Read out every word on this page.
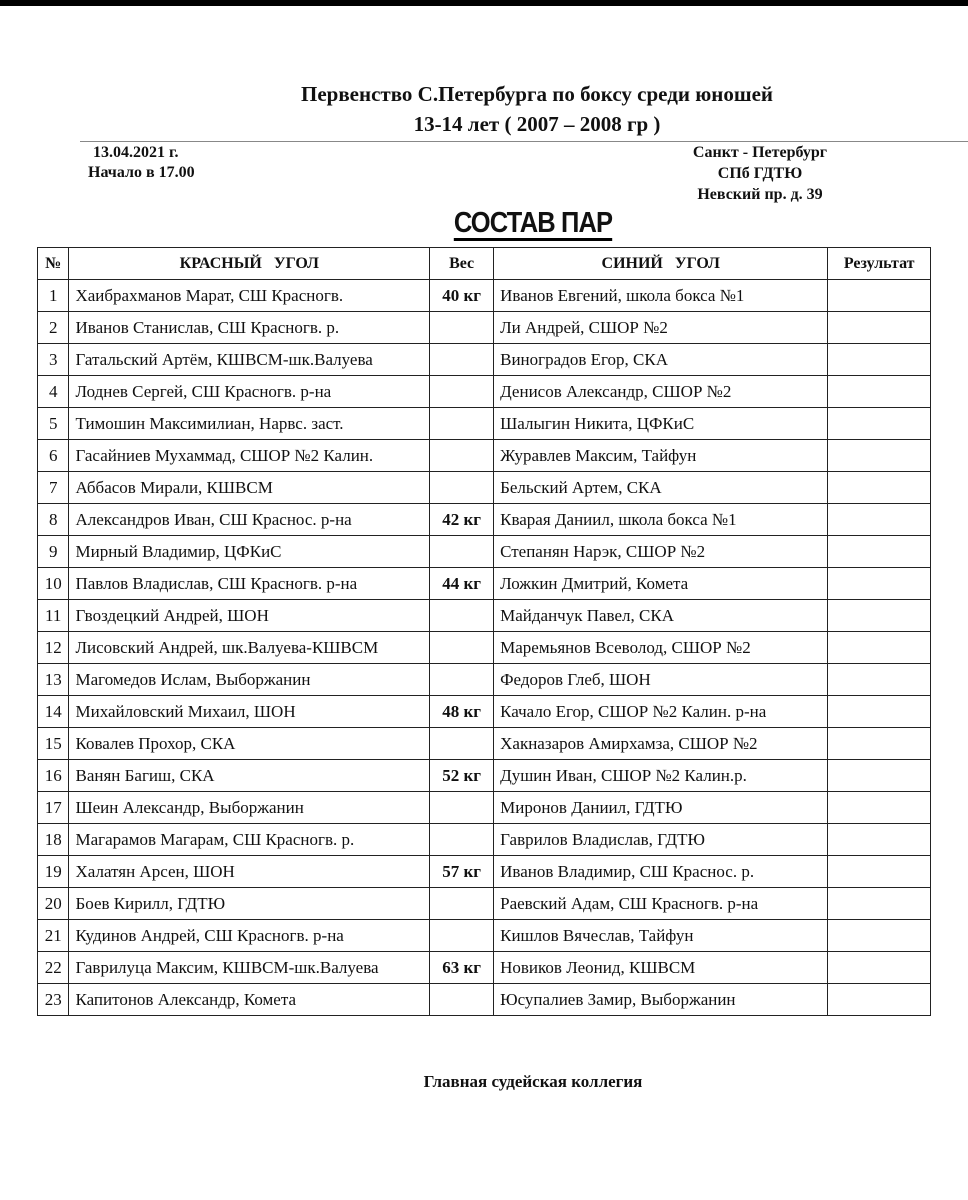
Первенство С.Петербурга по боксу среди юношей
13-14 лет ( 2007 – 2008 гр )
13.04.2021 г.
Начало в 17.00
Санкт - Петербург
СПб ГДТЮ
Невский пр. д. 39
СОСТАВ ПАР
№	КРАСНЫЙ   УГОЛ	Вес	СИНИЙ   УГОЛ	Результат
1	Хаибрахманов Марат, СШ Красногв.	40 кг	Иванов Евгений, школа бокса №1	
2	Иванов Станислав, СШ Красногв. р.		Ли Андрей, СШОР №2	
3	Гатальский Артём, КШВСМ-шк.Валуева		Виноградов Егор, СКА	
4	Лоднев Сергей, СШ Красногв. р-на		Денисов Александр, СШОР №2	
5	Тимошин Максимилиан, Нарвс. заст.		Шалыгин Никита, ЦФКиС	
6	Гасайниев Мухаммад, СШОР №2 Калин.		Журавлев Максим, Тайфун	
7	Аббасов Мирали, КШВСМ		Бельский Артем, СКА	
8	Александров Иван, СШ Краснос. р-на	42 кг	Кварая Даниил, школа бокса №1	
9	Мирный Владимир, ЦФКиС		Степанян Нарэк, СШОР №2	
10	Павлов Владислав, СШ Красногв. р-на	44 кг	Ложкин Дмитрий, Комета	
11	Гвоздецкий Андрей, ШОН		Майданчук Павел, СКА	
12	Лисовский Андрей, шк.Валуева-КШВСМ		Маремьянов Всеволод, СШОР №2	
13	Магомедов Ислам, Выборжанин		Федоров Глеб, ШОН	
14	Михайловский Михаил, ШОН	48 кг	Качало Егор, СШОР №2 Калин. р-на	
15	Ковалев Прохор, СКА		Хакназаров Амирхамза, СШОР №2	
16	Ванян Багиш, СКА	52 кг	Душин Иван, СШОР №2 Калин.р.	
17	Шеин Александр, Выборжанин		Миронов Даниил, ГДТЮ	
18	Магарамов Магарам, СШ Красногв. р.		Гаврилов Владислав, ГДТЮ	
19	Халатян Арсен, ШОН	57 кг	Иванов Владимир, СШ Краснос. р.	
20	Боев Кирилл, ГДТЮ		Раевский Адам, СШ Красногв. р-на	
21	Кудинов Андрей, СШ Красногв. р-на		Кишлов Вячеслав, Тайфун	
22	Гаврилуца Максим, КШВСМ-шк.Валуева	63 кг	Новиков Леонид, КШВСМ	
23	Капитонов Александр, Комета		Юсупалиев Замир, Выборжанин	
Главная судейская коллегия
